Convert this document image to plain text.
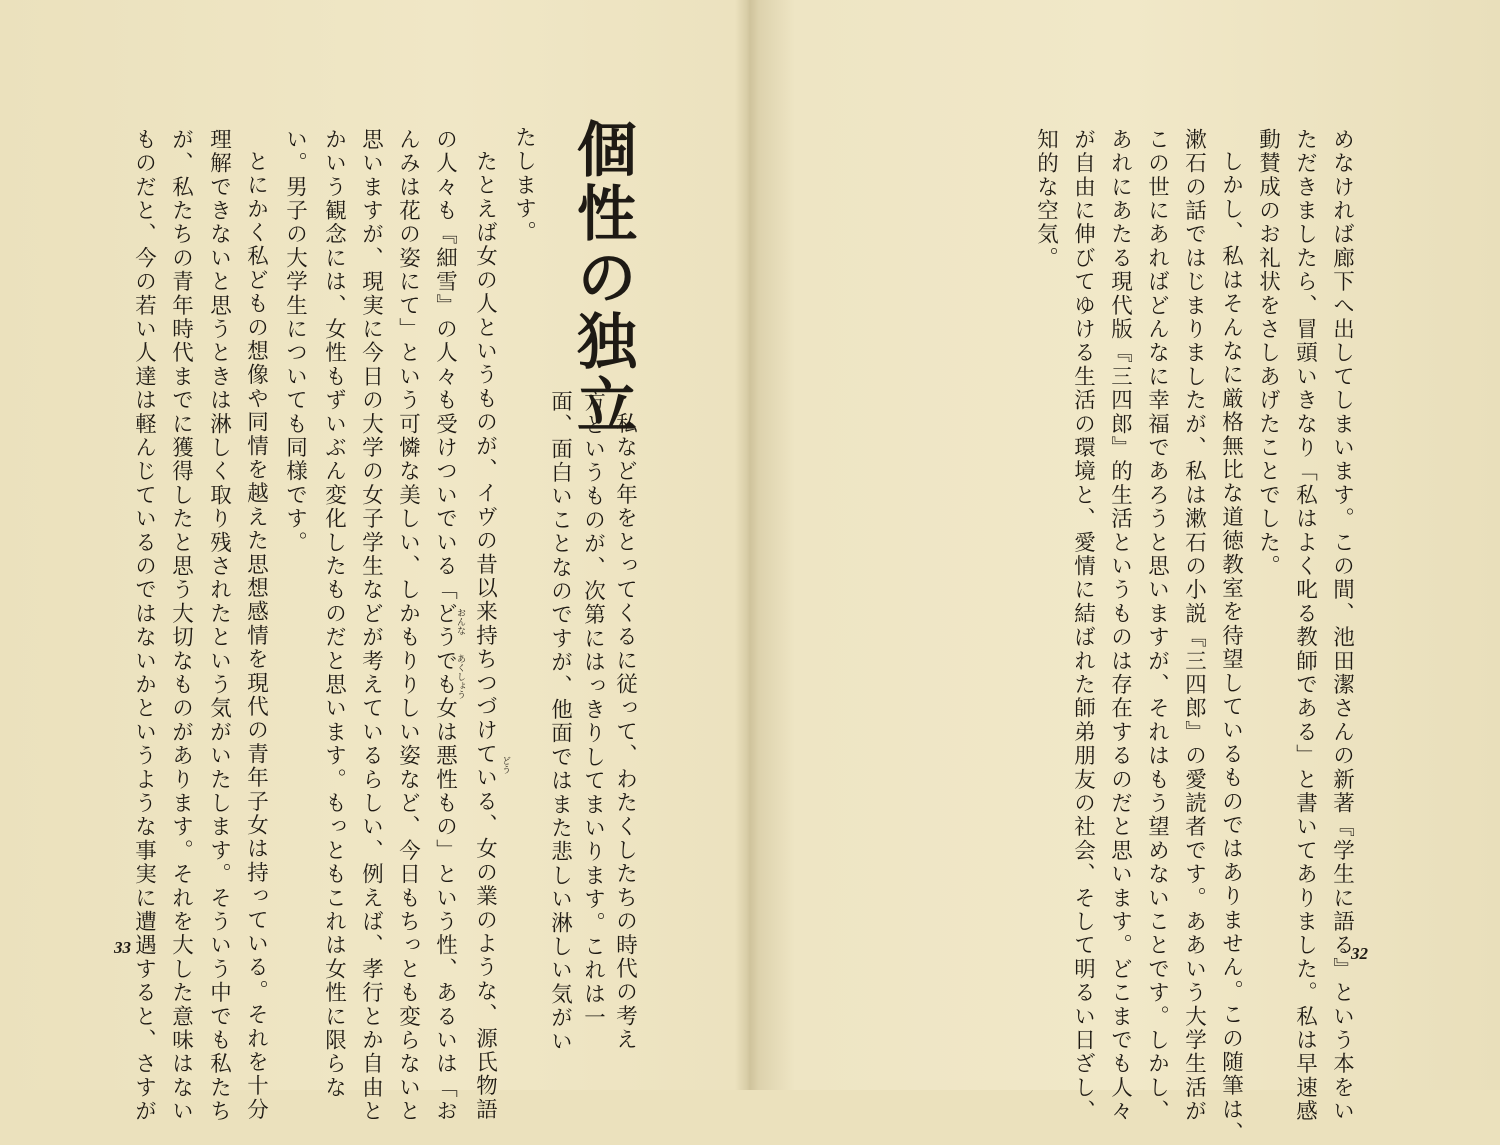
個性の独立
私など年をとってくるに従って、わたくしたちの時代の考え
方というものが、次第にはっきりしてまいります。これは一
面、面白いことなのですが、他面ではまた悲しい淋しい気がい
たします。
たとえば女の人というものが、イヴの昔以来持ちつづけている、女の業のような、源氏物語
の人々も『細雪』の人々も受けついでいる「どうでも女は悪性もの」という性、あるいは「お
んみは花の姿にて」という可憐な美しい、しかもりりしい姿など、今日もちっとも変らないと
思いますが、現実に今日の大学の女子学生などが考えているらしい、例えば、孝行とか自由と
かいう観念には、女性もずいぶん変化したものだと思います。もっともこれは女性に限らな
い。男子の大学生についても同様です。
とにかく私どもの想像や同情を越えた思想感情を現代の青年子女は持っている。それを十分
理解できないと思うときは淋しく取り残されたという気がいたします。そういう中でも私たち
が、私たちの青年時代までに獲得したと思う大切なものがあります。それを大した意味はない
ものだと、今の若い人達は軽んじているのではないかというような事実に遭遇すると、さすが	どう
おんな
あくしょう
33	めなければ廊下へ出してしまいます。この間、池田潔さんの新著『学生に語る』という本をい
ただきましたら、冒頭いきなり「私はよく叱る教師である」と書いてありました。私は早速感
動賛成のお礼状をさしあげたことでした。
しかし、私はそんなに厳格無比な道徳教室を待望しているものではありません。この随筆は、
漱石の話ではじまりましたが、私は漱石の小説『三四郎』の愛読者です。ああいう大学生活が
この世にあればどんなに幸福であろうと思いますが、それはもう望めないことです。しかし、
あれにあたる現代版『三四郎』的生活というものは存在するのだと思います。どこまでも人々
が自由に伸びてゆける生活の環境と、愛情に結ばれた師弟朋友の社会、そして明るい日ざし、
知的な空気。
32
